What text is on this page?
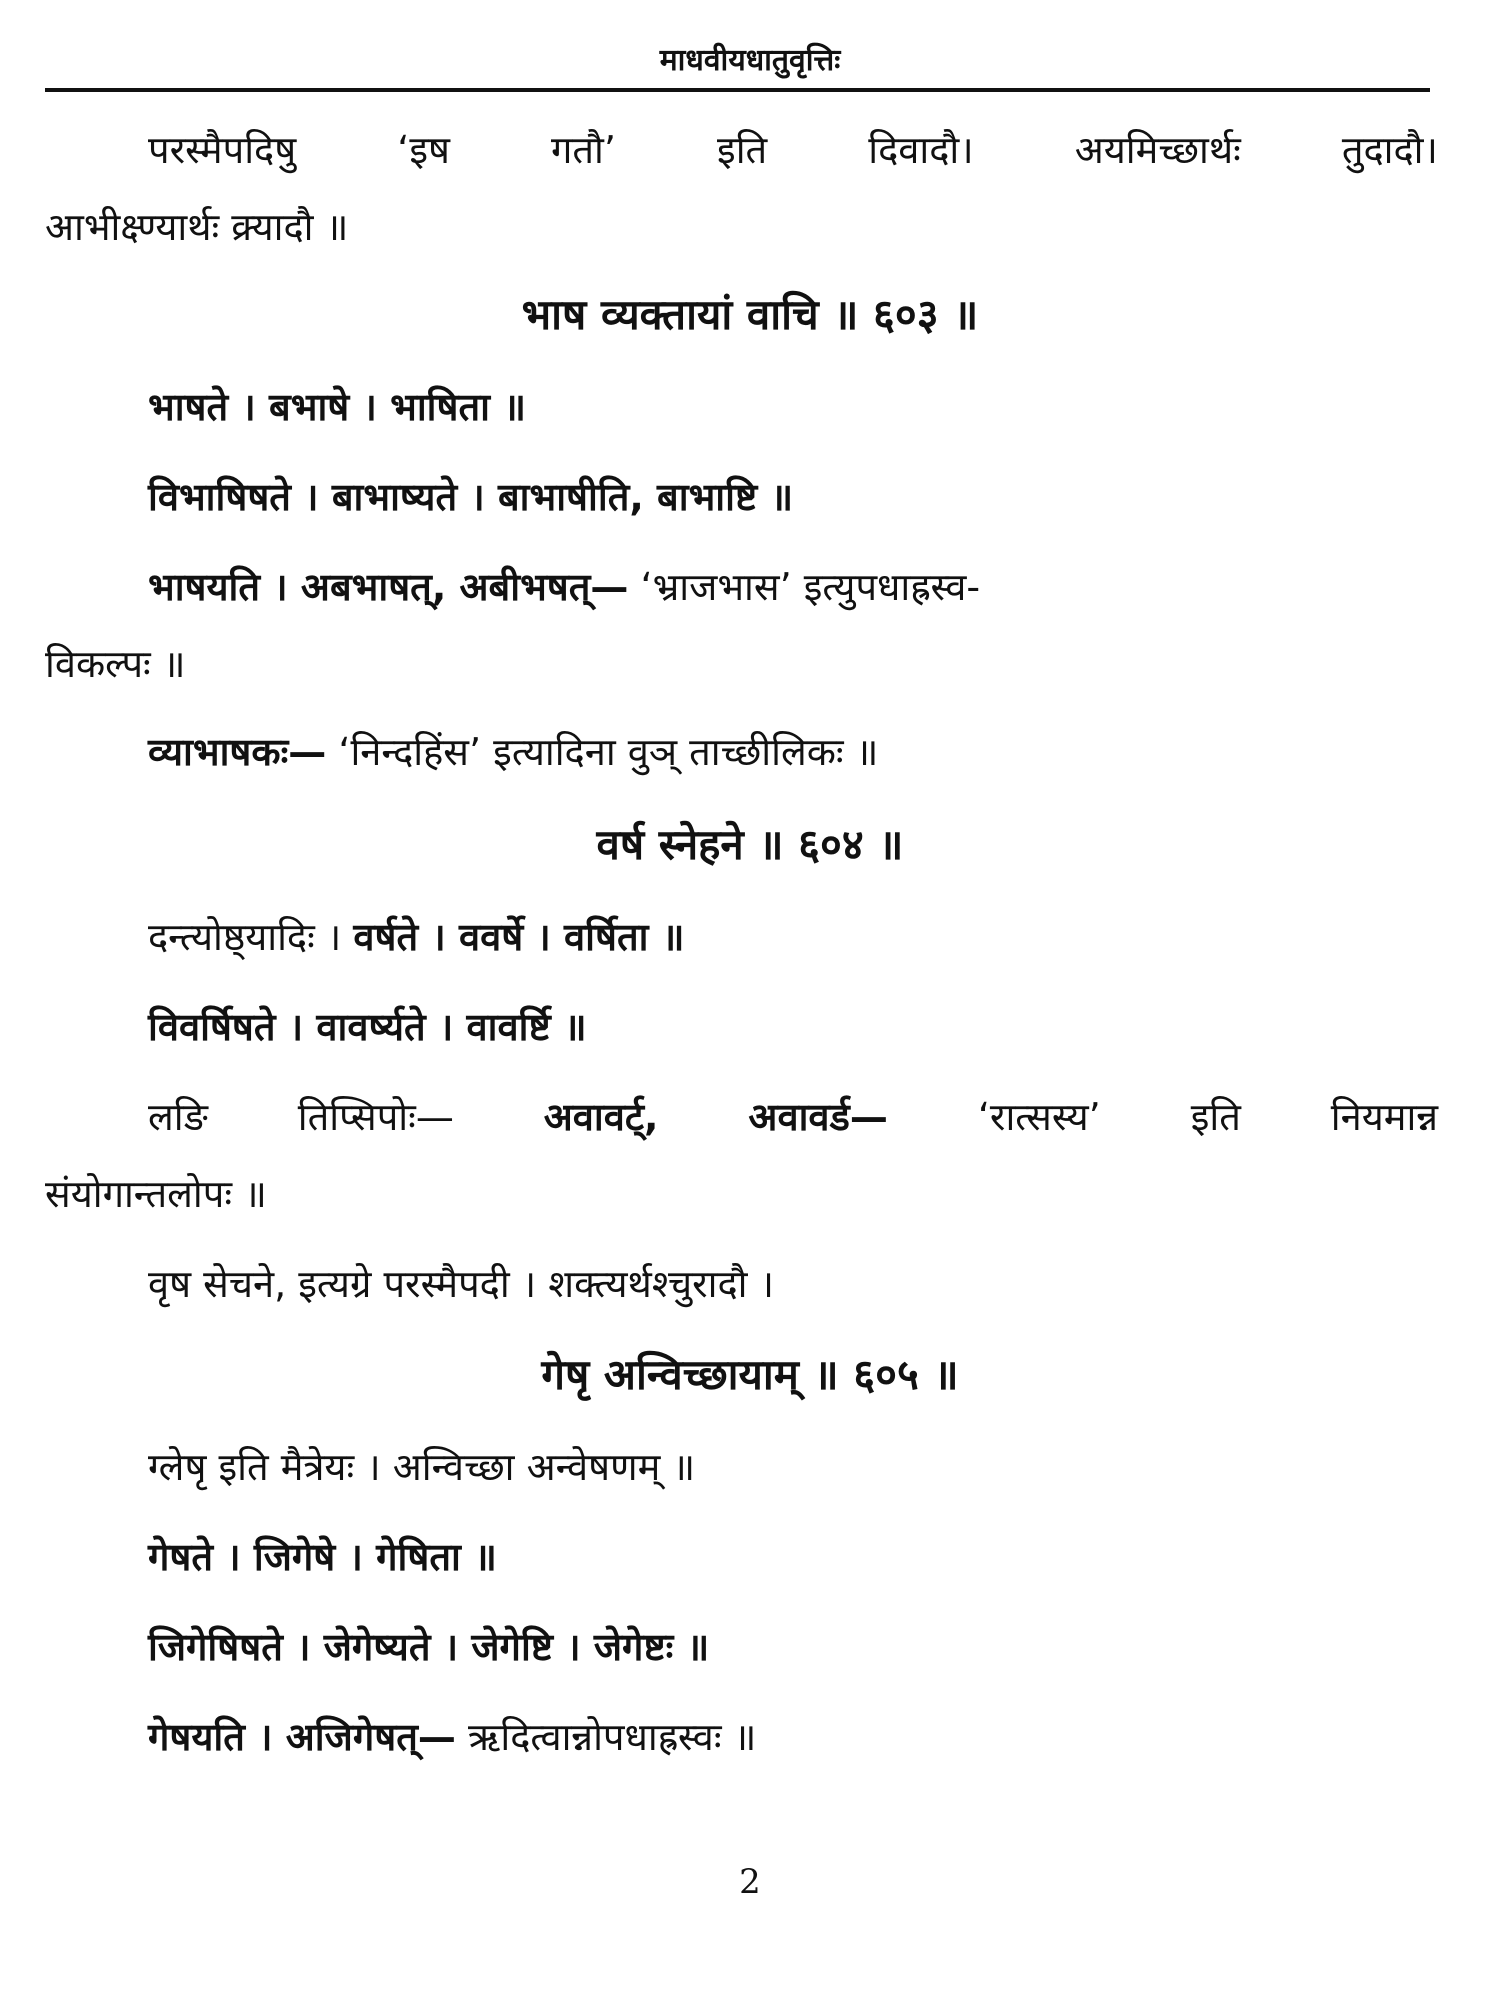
माधवीयधातुवृत्तिः
परस्मैपदिषु	‘इष	गतौ’	इति	दिवादौ।	अयमिच्छार्थः	तुदादौ।
आभीक्ष्ण्यार्थः क्र्यादौ ॥
भाष व्यक्तायां वाचि ॥ ६०३ ॥
भाषते । बभाषे । भाषिता ॥
विभाषिषते । बाभाष्यते । बाभाषीति, बाभाष्टि ॥
भाषयति । अबभाषत्, अबीभषत्— ‘भ्राजभास’ इत्युपधाह्रस्व-
विकल्पः ॥
व्याभाषकः— ‘निन्दहिंस’ इत्यादिना वुञ् ताच्छीलिकः ॥
वर्ष स्नेहने ॥ ६०४ ॥
दन्त्योष्ठ्यादिः । वर्षते । ववर्षे । वर्षिता ॥
विवर्षिषते । वावर्ष्यते । वावर्ष्टि ॥
लङि तिप्सिपोः— अवावर्ट्, अवावर्ड— ‘रात्सस्य’ इति नियमान्न
संयोगान्तलोपः ॥
वृष सेचने, इत्यग्रे परस्मैपदी । शक्त्यर्थश्चुरादौ ।
गेषृ अन्विच्छायाम् ॥ ६०५ ॥
ग्लेषृ इति मैत्रेयः । अन्विच्छा अन्वेषणम् ॥
गेषते । जिगेषे । गेषिता ॥
जिगेषिषते । जेगेष्यते । जेगेष्टि । जेगेष्टः ॥
गेषयति । अजिगेषत्— ऋदित्वान्नोपधाह्रस्वः ॥
2
